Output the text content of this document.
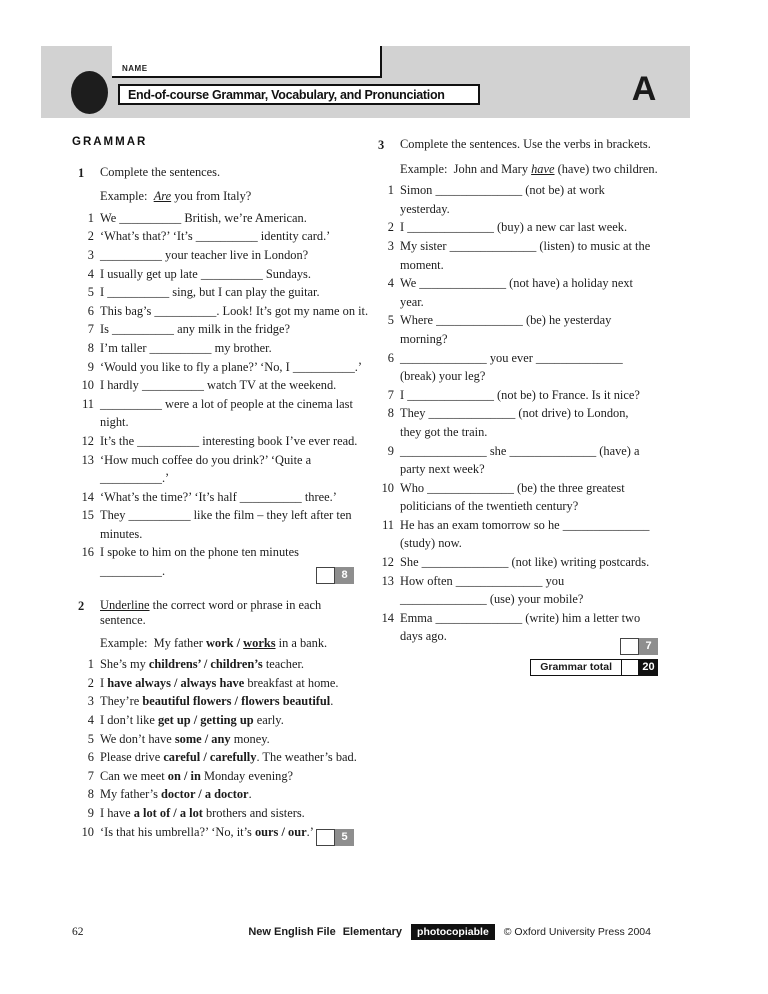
NAME
End-of-course Grammar, Vocabulary, and Pronunciation	A
GRAMMAR
1	Complete the sentences.
Example:  Are you from Italy?
1 We __________ British, we’re American.
2 ‘What’s that?’ ‘It’s __________ identity card.’
3 __________ your teacher live in London?
4 I usually get up late __________ Sundays.
5 I __________ sing, but I can play the guitar.
6 This bag’s __________. Look! It’s got my name on it.
7 Is __________ any milk in the fridge?
8 I’m taller __________ my brother.
9 ‘Would you like to fly a plane?’ ‘No, I __________.’
10 I hardly __________ watch TV at the weekend.
11 __________ were a lot of people at the cinema last
night.
12 It’s the __________ interesting book I’ve ever read.
13 ‘How much coffee do you drink?’ ‘Quite a
__________.’
14 ‘What’s the time?’ ‘It’s half __________ three.’
15 They __________ like the film – they left after ten
minutes.
16 I spoke to him on the phone ten minutes
__________.	8
2	Underline the correct word or phrase in each
sentence.
Example:  My father work / works in a bank.
1 She’s my childrens’ / children’s teacher.
2 I have always / always have breakfast at home.
3 They’re beautiful flowers / flowers beautiful.
4 I don’t like get up / getting up early.
5 We don’t have some / any money.
6 Please drive careful / carefully. The weather’s bad.
7 Can we meet on / in Monday evening?
8 My father’s doctor / a doctor.
9 I have a lot of / a lot brothers and sisters.
10 ‘Is that his umbrella?’ ‘No, it’s ours / our.’	5
3	Complete the sentences. Use the verbs in brackets.
Example:  John and Mary have (have) two children.
1 Simon ______________ (not be) at work
yesterday.
2 I ______________ (buy) a new car last week.
3 My sister ______________ (listen) to music at the
moment.
4 We ______________ (not have) a holiday next
year.
5 Where ______________ (be) he yesterday
morning?
6 ______________ you ever ______________
(break) your leg?
7 I ______________ (not be) to France. Is it nice?
8 They ______________ (not drive) to London,
they got the train.
9 ______________ she ______________ (have) a
party next week?
10 Who ______________ (be) the three greatest
politicians of the twentieth century?
11 He has an exam tomorrow so he ______________
(study) now.
12 She ______________ (not like) writing postcards.
13 How often ______________ you
______________ (use) your mobile?
14 Emma ______________ (write) him a letter two
days ago.
7
Grammar total	20
62	New English File Elementary	photocopiable	© Oxford University Press 2004
